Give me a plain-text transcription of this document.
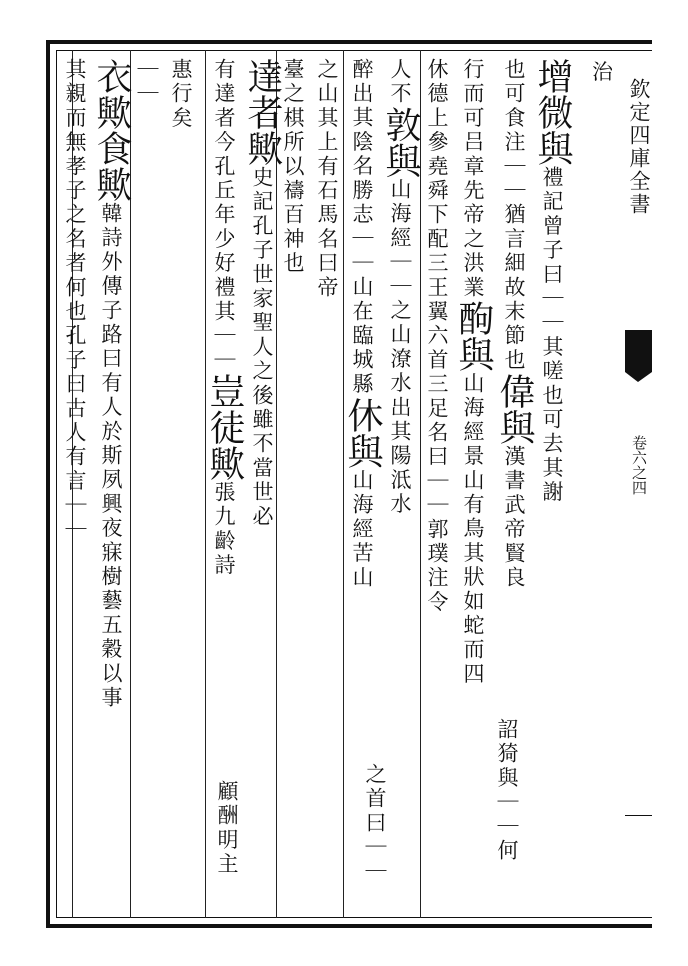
治
欽定四庫全書
卷六之四
增微與禮記曾子曰｜｜其嗟也可去其謝
也可食注｜｜猶言細故末節也偉與漢書武帝賢良
詔猗與｜｜何
行而可吕章先帝之洪業䣱與山海經景山有鳥其狀如蛇而四
休德上參堯舜下配三王翼六首三足名曰｜｜郭璞注令
人不敦與山海經｜｜之山潦水出其陽泜水
醉出其陰名勝志｜｜山在臨城縣休與山海經苦山
之首曰｜｜
之山其上有石馬名曰帝
臺之棋所以禱百神也
達者歟史記孔子世家聖人之後雖不當世必
有達者今孔丘年少好禮其｜｜豈徒歟張九齡詩
顧酬明主
惠行矣
｜｜
衣歟食歟韓詩外傳子路曰有人於斯夙興夜寐樹藝五穀以事
其親而無孝子之名者何也孔子曰古人有言｜｜
